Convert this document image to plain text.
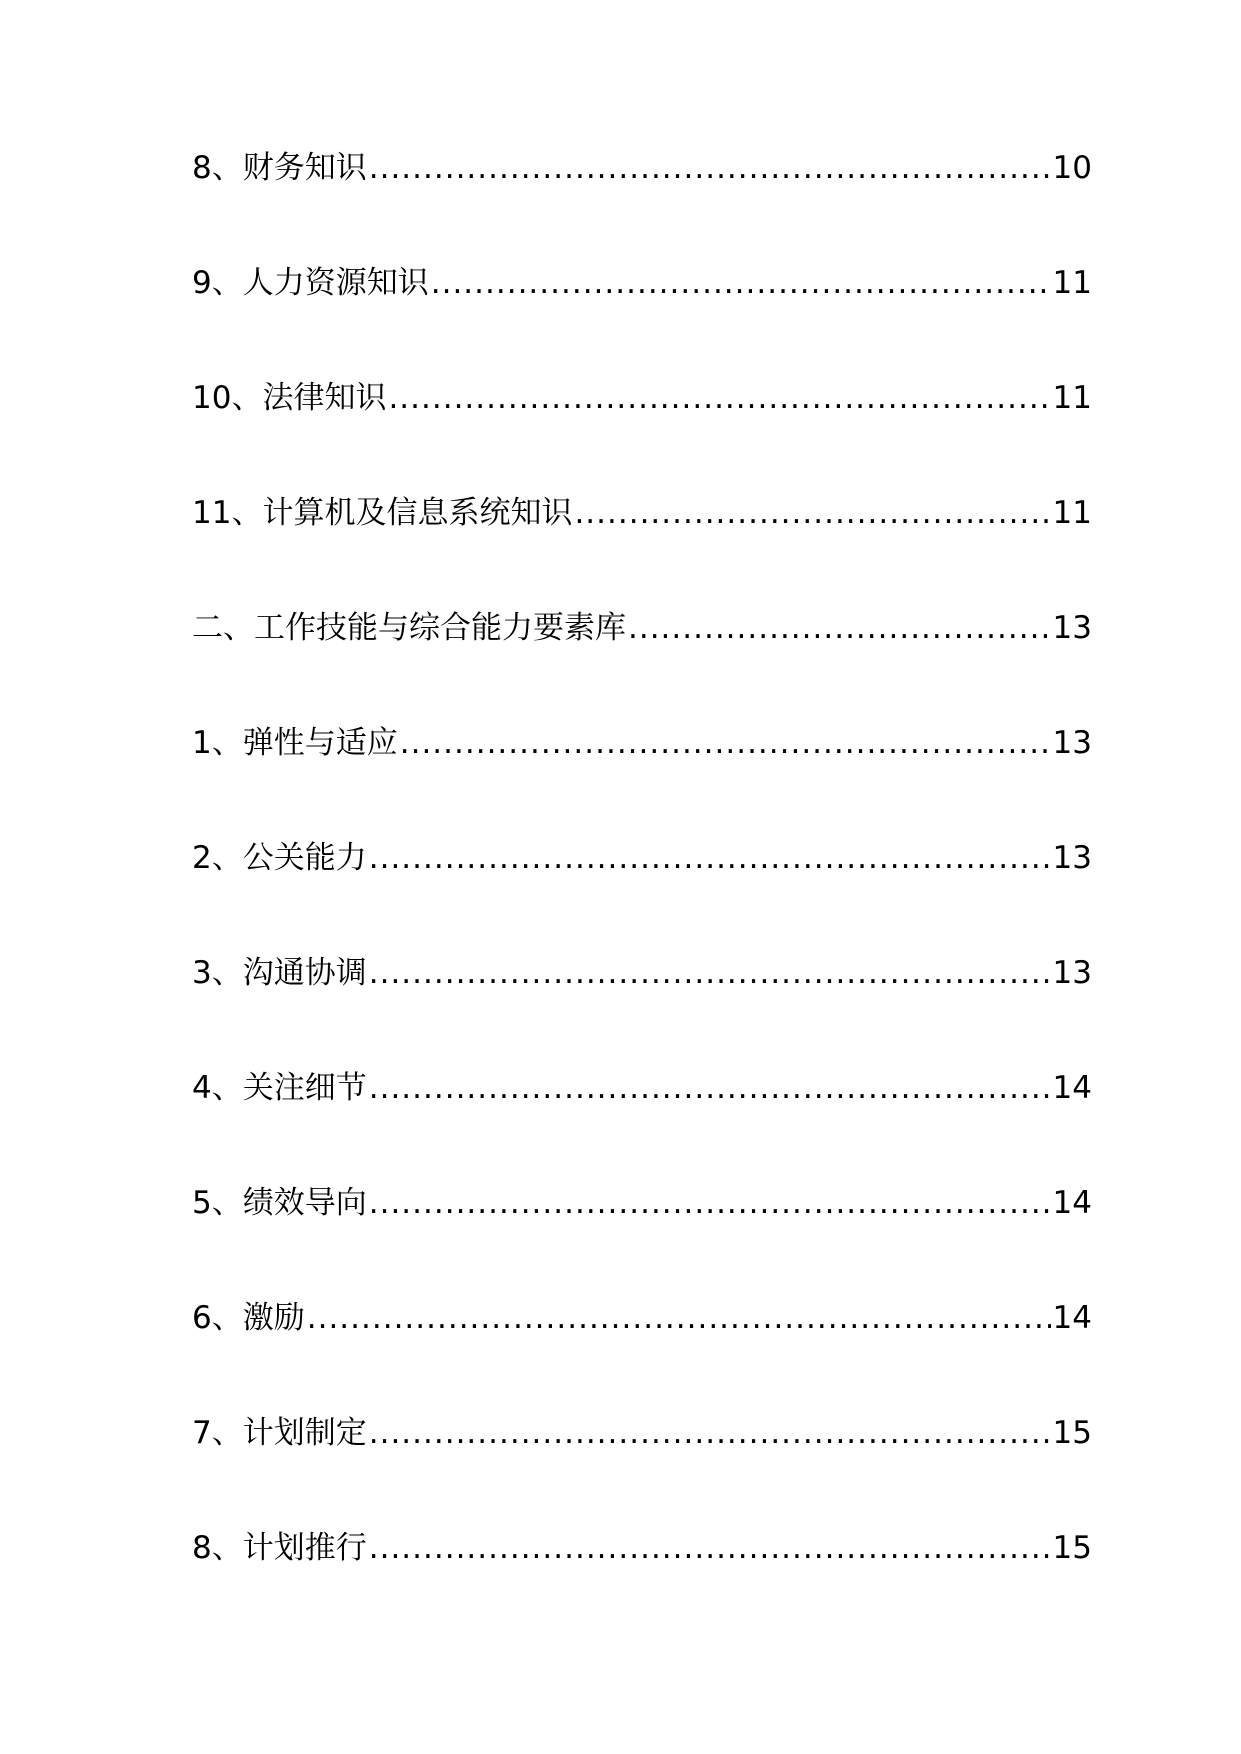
8、财务知识 .....	10
9、人力资源知识 .....	11
10、法律知识 .....	11
11、计算机及信息系统知识 .....	11
二、工作技能与综合能力要素库 .....	13
1、弹性与适应 .....	13
2、公关能力 .....	13
3、沟通协调 .....	13
4、关注细节 .....	14
5、绩效导向 .....	14
6、激励 .....	14
7、计划制定 .....	15
8、计划推行 .....	15
